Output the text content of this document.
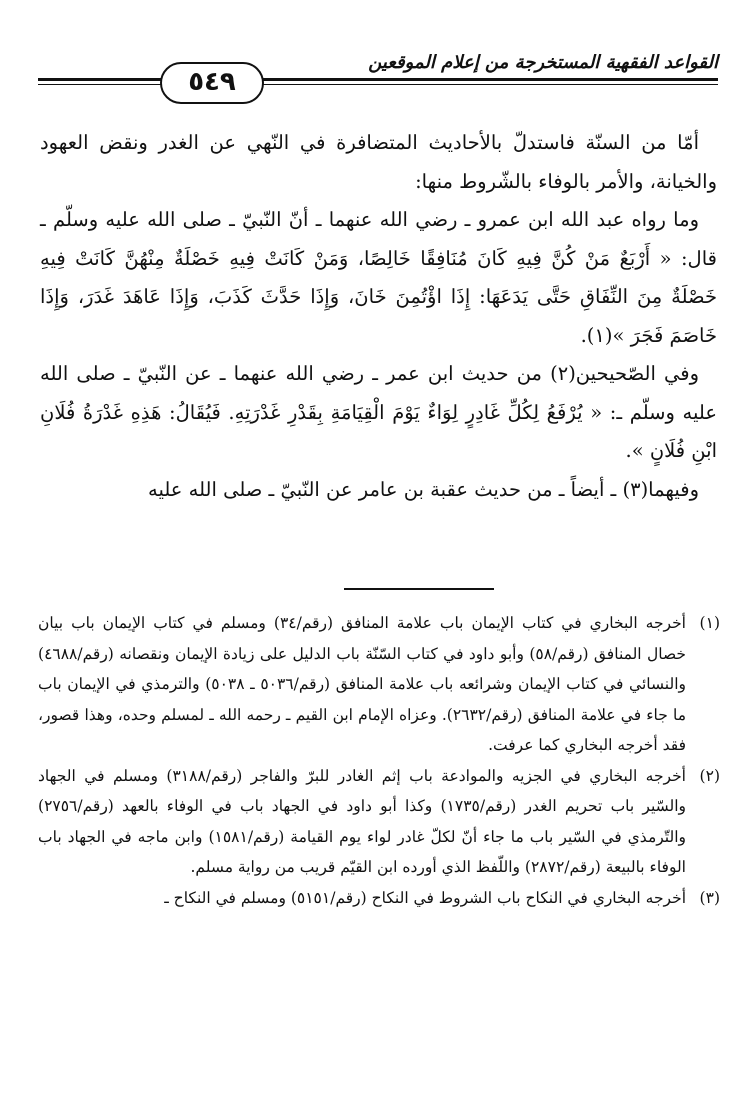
القواعد الفقهية المستخرجة من إعلام الموقعين
٥٤٩

أمّا من السنّة فاستدلّ بالأحاديث المتضافرة في النّهي عن الغدر ونقض العهود والخيانة، والأمر بالوفاء بالشّروط منها:

وما رواه عبد الله ابن عمرو ـ رضي الله عنهما ـ أنّ النّبيّ ـ صلى الله عليه وسلّم ـ قال: « أَرْبَعٌ مَنْ كُنَّ فِيهِ كَانَ مُنَافِقًا خَالِصًا، وَمَنْ كَانَتْ فِيهِ خَصْلَةٌ مِنْهُنَّ كَانَتْ فِيهِ خَصْلَةٌ مِنَ النِّفَاقِ حَتَّى يَدَعَهَا: إِذَا اؤْتُمِنَ خَانَ، وَإِذَا حَدَّثَ كَذَبَ، وَإِذَا عَاهَدَ غَدَرَ، وَإِذَا خَاصَمَ فَجَرَ »(١).

وفي الصّحيحين(٢) من حديث ابن عمر ـ رضي الله عنهما ـ عن النّبيّ ـ صلى الله عليه وسلّم ـ: « يُرْفَعُ لِكُلِّ غَادِرٍ لِوَاءٌ يَوْمَ الْقِيَامَةِ بِقَدْرِ غَدْرَتِهِ. فَيُقَالُ: هَذِهِ غَدْرَةُ فُلَانِ ابْنِ فُلَانٍ ».

وفيهما(٣) ـ أيضاً ـ من حديث عقبة بن عامر عن النّبيّ ـ صلى الله عليه

(١)
أخرجه البخاري في كتاب الإيمان باب علامة المنافق (رقم/٣٤) ومسلم في كتاب الإيمان باب بيان خصال المنافق (رقم/٥٨) وأبو داود في كتاب السّنّة باب الدليل على زيادة الإيمان ونقصانه (رقم/٤٦٨٨) والنسائي في كتاب الإيمان وشرائعه باب علامة المنافق (رقم/٥٠٣٦ ـ ٥٠٣٨) والترمذي في الإيمان باب ما جاء في علامة المنافق (رقم/٢٦٣٢). وعزاه الإمام ابن القيم ـ رحمه الله ـ لمسلم وحده، وهذا قصور، فقد أخرجه البخاري كما عرفت.
(٢)
أخرجه البخاري في الجزيه والموادعة باب إثم الغادر للبرّ والفاجر (رقم/٣١٨٨) ومسلم في الجهاد والسّير باب تحريم الغدر (رقم/١٧٣٥) وكذا أبو داود في الجهاد باب في الوفاء بالعهد (رقم/٢٧٥٦) والتّرمذي في السّير باب ما جاء أنّ لكلّ غادر لواء يوم القيامة (رقم/١٥٨١) وابن ماجه في الجهاد باب الوفاء بالبيعة (رقم/٢٨٧٢) واللّفظ الذي أورده ابن القيّم قريب من رواية مسلم.
(٣)
أخرجه البخاري في النكاح باب الشروط في النكاح (رقم/٥١٥١) ومسلم في النكاح ـ
